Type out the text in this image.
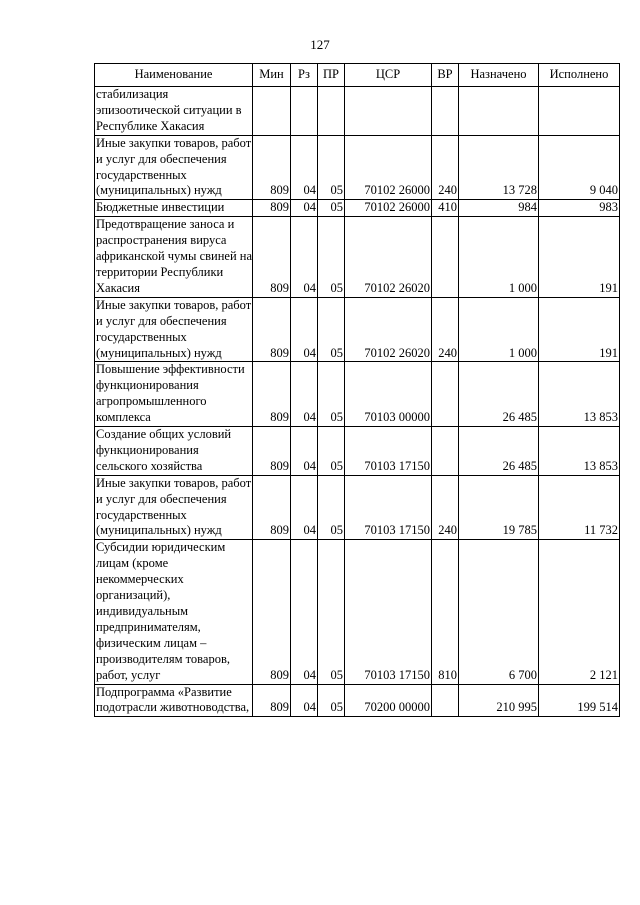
127
Наименование	Мин	Рз	ПР	ЦСР	ВР	Назначено	Исполнено
стабилизация эпизоотической ситуации в Республике Хакасия							
Иные закупки товаров, работ и услуг для обеспечения государственных (муниципальных) нужд	809	04	05	70102 26000	240	13 728	9 040
Бюджетные инвестиции	809	04	05	70102 26000	410	984	983
Предотвращение заноса и распространения вируса африканской чумы свиней на территории Республики Хакасия	809	04	05	70102 26020		1 000	191
Иные закупки товаров, работ и услуг для обеспечения государственных (муниципальных) нужд	809	04	05	70102 26020	240	1 000	191
Повышение эффективности функционирования агропромышленного комплекса	809	04	05	70103 00000		26 485	13 853
Создание общих условий функционирования сельского хозяйства	809	04	05	70103 17150		26 485	13 853
Иные закупки товаров, работ и услуг для обеспечения государственных (муниципальных) нужд	809	04	05	70103 17150	240	19 785	11 732
Субсидии юридическим лицам (кроме некоммерческих организаций), индивидуальным предпринимателям, физическим лицам – производителям товаров, работ, услуг	809	04	05	70103 17150	810	6 700	2 121
Подпрограмма «Развитие подотрасли животноводства,	809	04	05	70200 00000		210 995	199 514
